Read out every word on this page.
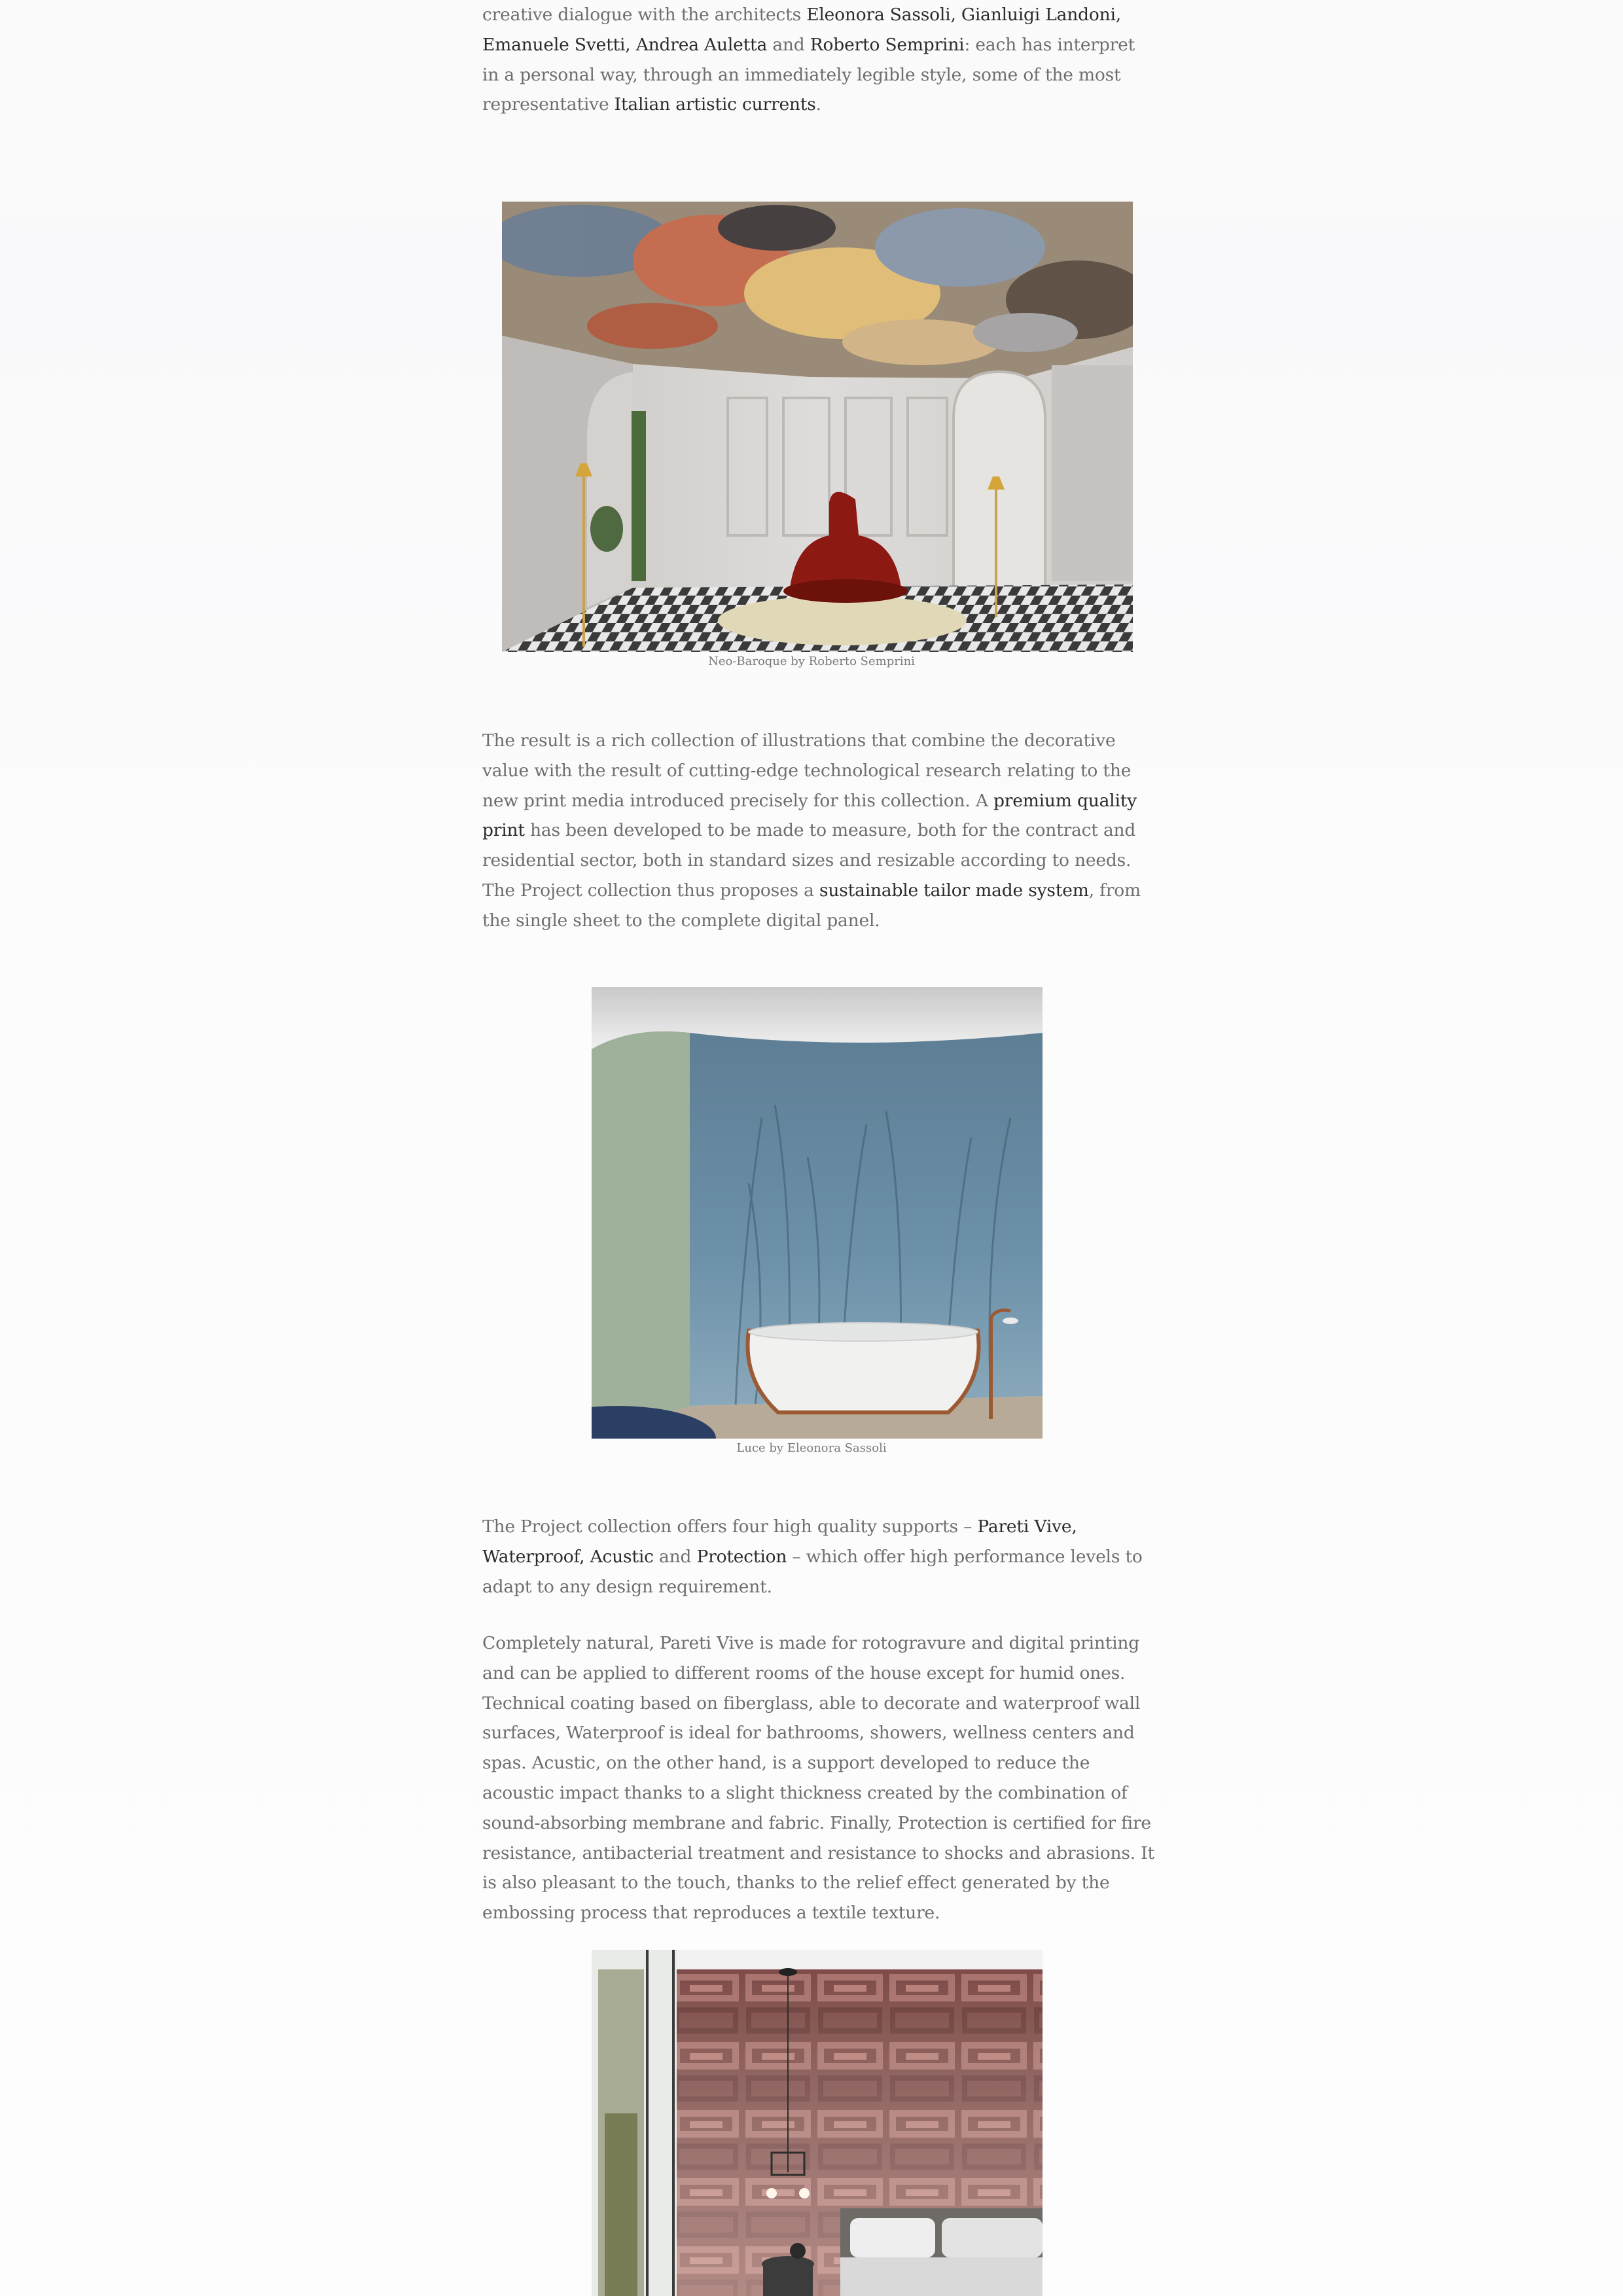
creative dialogue with the architects Eleonora Sassoli, Gianluigi Landoni, Emanuele Svetti, Andrea Auletta and Roberto Semprini: each has interpret in a personal way, through an immediately legible style, some of the most representative Italian artistic currents.

Neo-Baroque by Roberto Semprini

The result is a rich collection of illustrations that combine the decorative value with the result of cutting-edge technological research relating to the new print media introduced precisely for this collection. A premium quality print has been developed to be made to measure, both for the contract and residential sector, both in standard sizes and resizable according to needs. The Project collection thus proposes a sustainable tailor made system, from the single sheet to the complete digital panel.

Luce by Eleonora Sassoli

The Project collection offers four high quality supports – Pareti Vive, Waterproof, Acustic and Protection – which offer high performance levels to adapt to any design requirement.

Completely natural, Pareti Vive is made for rotogravure and digital printing and can be applied to different rooms of the house except for humid ones. Technical coating based on fiberglass, able to decorate and waterproof wall surfaces, Waterproof is ideal for bathrooms, showers, wellness centers and spas. Acustic, on the other hand, is a support developed to reduce the acoustic impact thanks to a slight thickness created by the combination of sound-absorbing membrane and fabric. Finally, Protection is certified for fire resistance, antibacterial treatment and resistance to shocks and abrasions. It is also pleasant to the touch, thanks to the relief effect generated by the embossing process that reproduces a textile texture.
